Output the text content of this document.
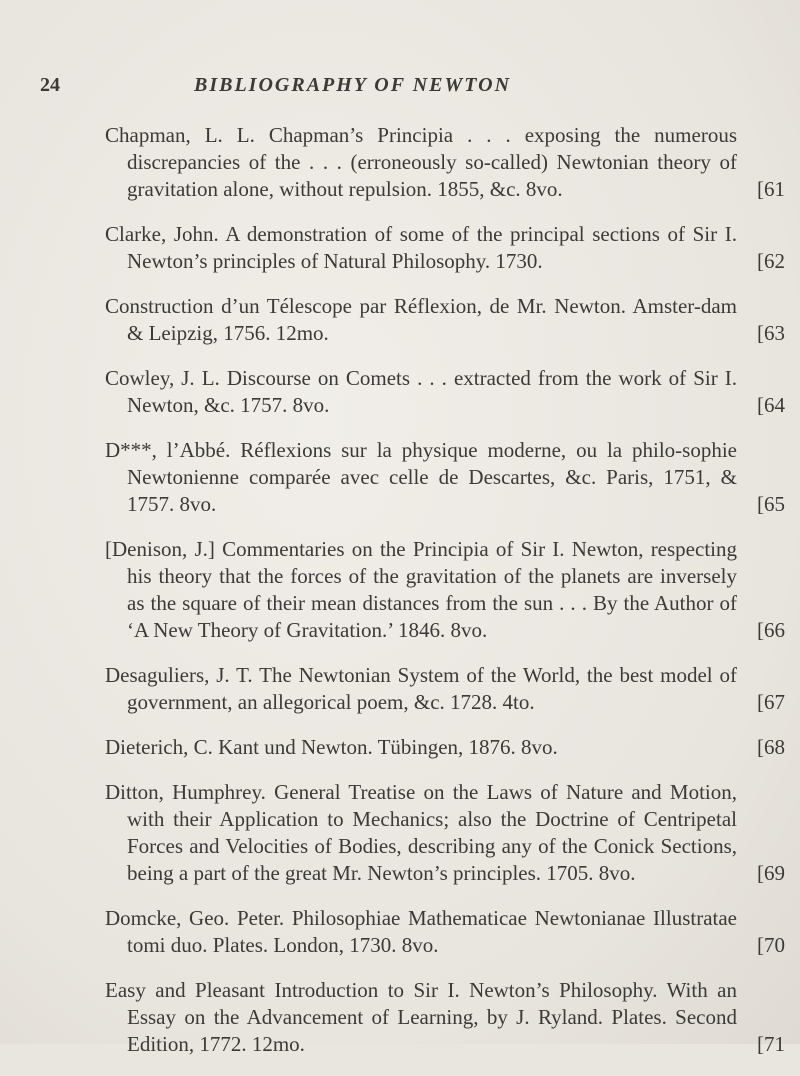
24	BIBLIOGRAPHY OF NEWTON
Chapman, L. L. Chapman’s Principia . . . exposing the numerous discrepancies of the . . . (erroneously so-called) Newtonian theory of gravitation alone, without repulsion. 1855, &c. 8vo.	[61
Clarke, John. A demonstration of some of the principal sections of Sir I. Newton’s principles of Natural Philosophy. 1730.	[62
Construction d’un Télescope par Réflexion, de Mr. Newton. Amster-dam & Leipzig, 1756. 12mo.	[63
Cowley, J. L. Discourse on Comets . . . extracted from the work of Sir I. Newton, &c. 1757. 8vo.	[64
D***, l’Abbé. Réflexions sur la physique moderne, ou la philo-sophie Newtonienne comparée avec celle de Descartes, &c. Paris, 1751, & 1757. 8vo.	[65
[Denison, J.] Commentaries on the Principia of Sir I. Newton, respecting his theory that the forces of the gravitation of the planets are inversely as the square of their mean distances from the sun . . . By the Author of ‘A New Theory of Gravitation.’ 1846. 8vo.	[66
Desaguliers, J. T. The Newtonian System of the World, the best model of government, an allegorical poem, &c. 1728. 4to.	[67
Dieterich, C. Kant und Newton. Tübingen, 1876. 8vo.	[68
Ditton, Humphrey. General Treatise on the Laws of Nature and Motion, with their Application to Mechanics; also the Doctrine of Centripetal Forces and Velocities of Bodies, describing any of the Conick Sections, being a part of the great Mr. Newton’s principles. 1705. 8vo.	[69
Domcke, Geo. Peter. Philosophiae Mathematicae Newtonianae Illustratae tomi duo. Plates. London, 1730. 8vo.	[70
Easy and Pleasant Introduction to Sir I. Newton’s Philosophy. With an Essay on the Advancement of Learning, by J. Ryland. Plates. Second Edition, 1772. 12mo.	[71
